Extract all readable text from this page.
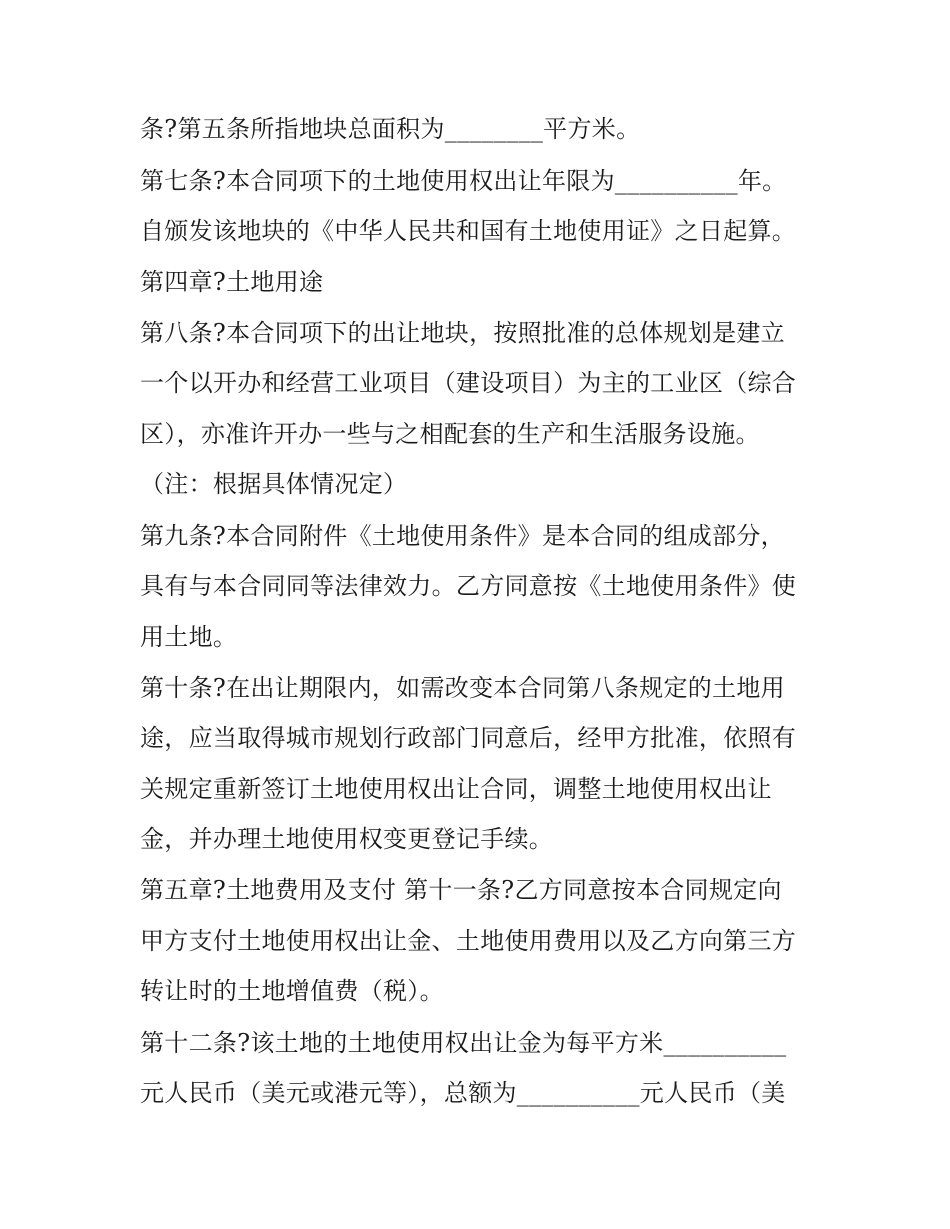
条?第五条所指地块总面积为________平方米。
第七条?本合同项下的土地使用权出让年限为__________年。
自颁发该地块的《中华人民共和国有土地使用证》之日起算。
第四章?土地用途
第八条?本合同项下的出让地块，按照批准的总体规划是建立
一个以开办和经营工业项目（建设项目）为主的工业区（综合
区），亦准许开办一些与之相配套的生产和生活服务设施。
（注：根据具体情况定）
第九条?本合同附件《土地使用条件》是本合同的组成部分，
具有与本合同同等法律效力。乙方同意按《土地使用条件》使
用土地。
第十条?在出让期限内，如需改变本合同第八条规定的土地用
途，应当取得城市规划行政部门同意后，经甲方批准，依照有
关规定重新签订土地使用权出让合同，调整土地使用权出让
金，并办理土地使用权变更登记手续。
第五章?土地费用及支付 第十一条?乙方同意按本合同规定向
甲方支付土地使用权出让金、土地使用费用以及乙方向第三方
转让时的土地增值费（税）。
第十二条?该土地的土地使用权出让金为每平方米__________
元人民币（美元或港元等），总额为__________元人民币（美
